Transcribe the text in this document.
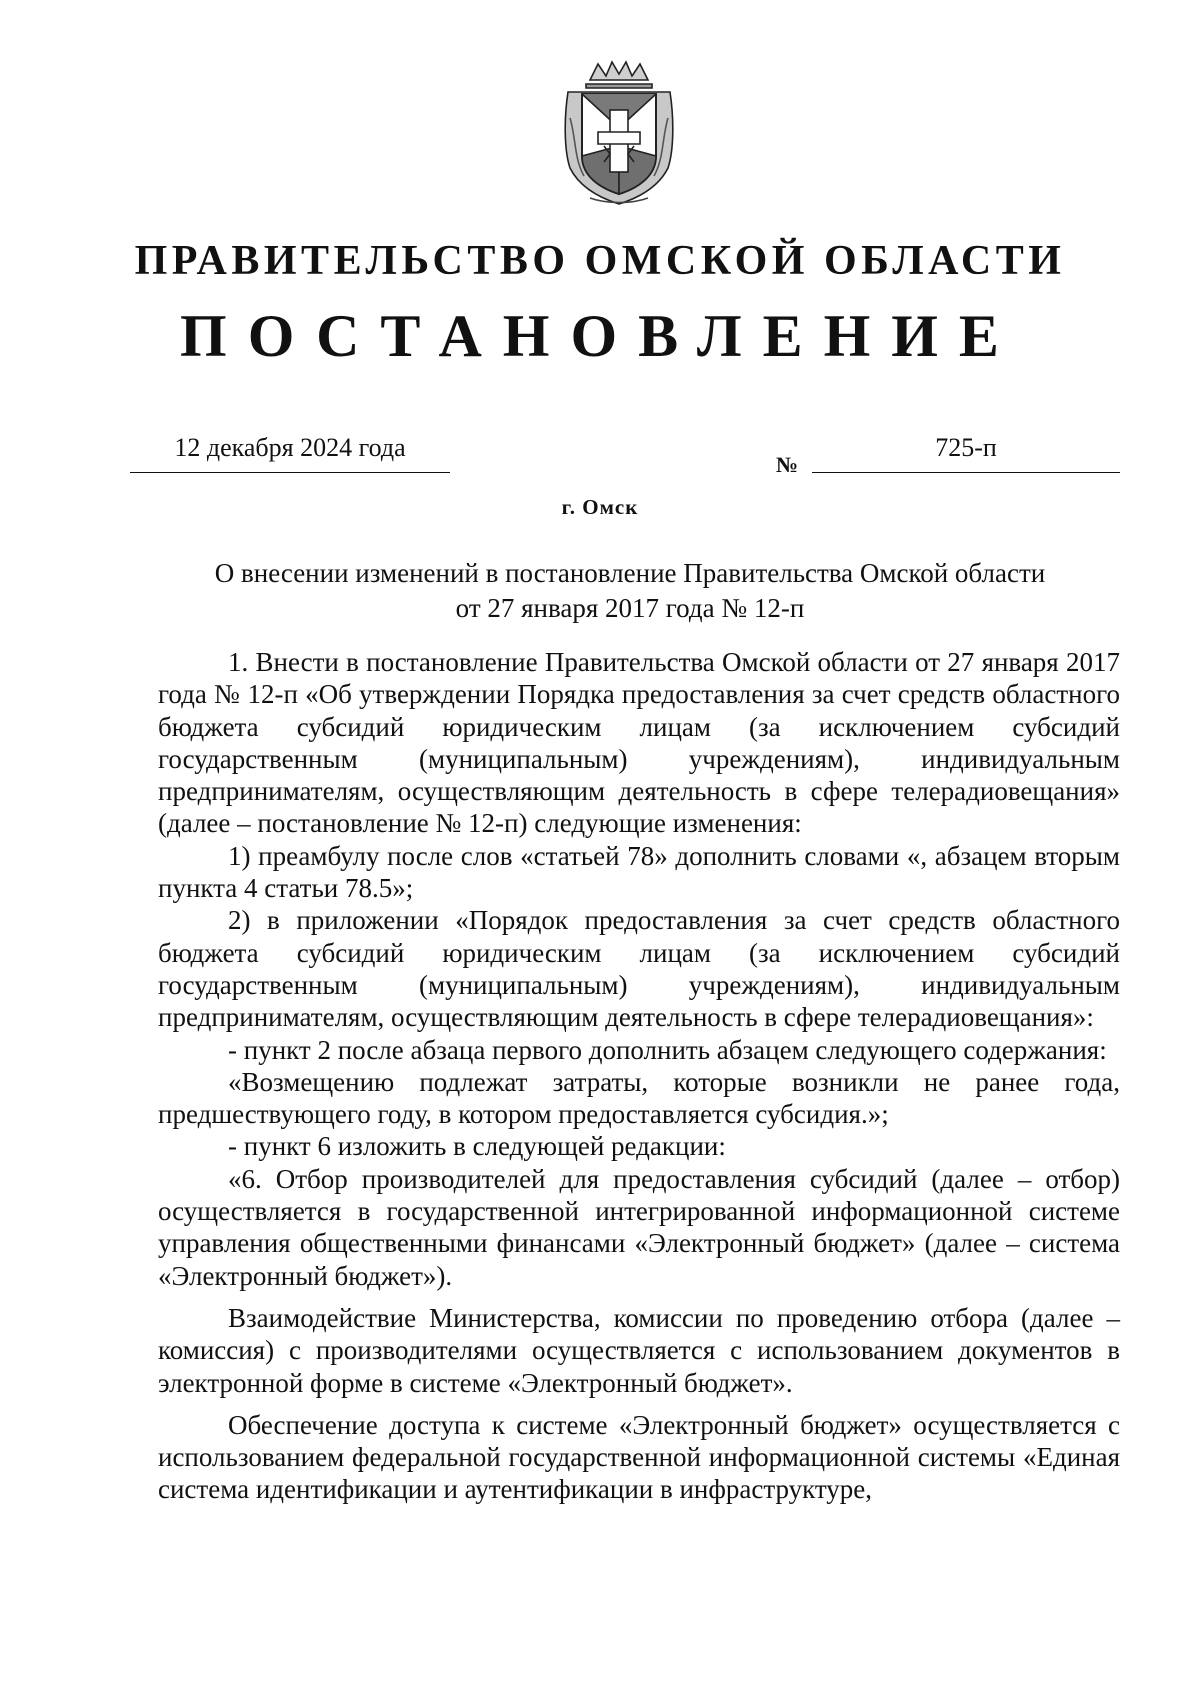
ПРАВИТЕЛЬСТВО ОМСКОЙ ОБЛАСТИ
ПОСТАНОВЛЕНИЕ
12 декабря 2024 года
№
725-п
г. Омск
О внесении изменений в постановление Правительства Омской области
от 27 января 2017 года № 12-п

1. Внести в постановление Правительства Омской области от 27 января 2017 года № 12-п «Об утверждении Порядка предоставления за счет средств областного бюджета субсидий юридическим лицам (за исключением субсидий государственным (муниципальным) учреждениям), индивидуальным предпринимателям, осуществляющим деятельность в сфере телерадиовещания» (далее – постановление № 12-п) следующие изменения:

1) преамбулу после слов «статьей 78» дополнить словами «, абзацем вторым пункта 4 статьи 78.5»;

2) в приложении «Порядок предоставления за счет средств областного бюджета субсидий юридическим лицам (за исключением субсидий государственным (муниципальным) учреждениям), индивидуальным предпринимателям, осуществляющим деятельность в сфере телерадиовещания»:

- пункт 2 после абзаца первого дополнить абзацем следующего содержания:

«Возмещению подлежат затраты, которые возникли не ранее года, предшествующего году, в котором предоставляется субсидия.»;

- пункт 6 изложить в следующей редакции:

«6. Отбор производителей для предоставления субсидий (далее – отбор) осуществляется в государственной интегрированной информационной системе управления общественными финансами «Электронный бюджет» (далее – система «Электронный бюджет»).

Взаимодействие Министерства, комиссии по проведению отбора (далее – комиссия) с производителями осуществляется с использованием документов в электронной форме в системе «Электронный бюджет».

Обеспечение доступа к системе «Электронный бюджет» осуществляется с использованием федеральной государственной информационной системы «Единая система идентификации и аутентификации в инфраструктуре,
